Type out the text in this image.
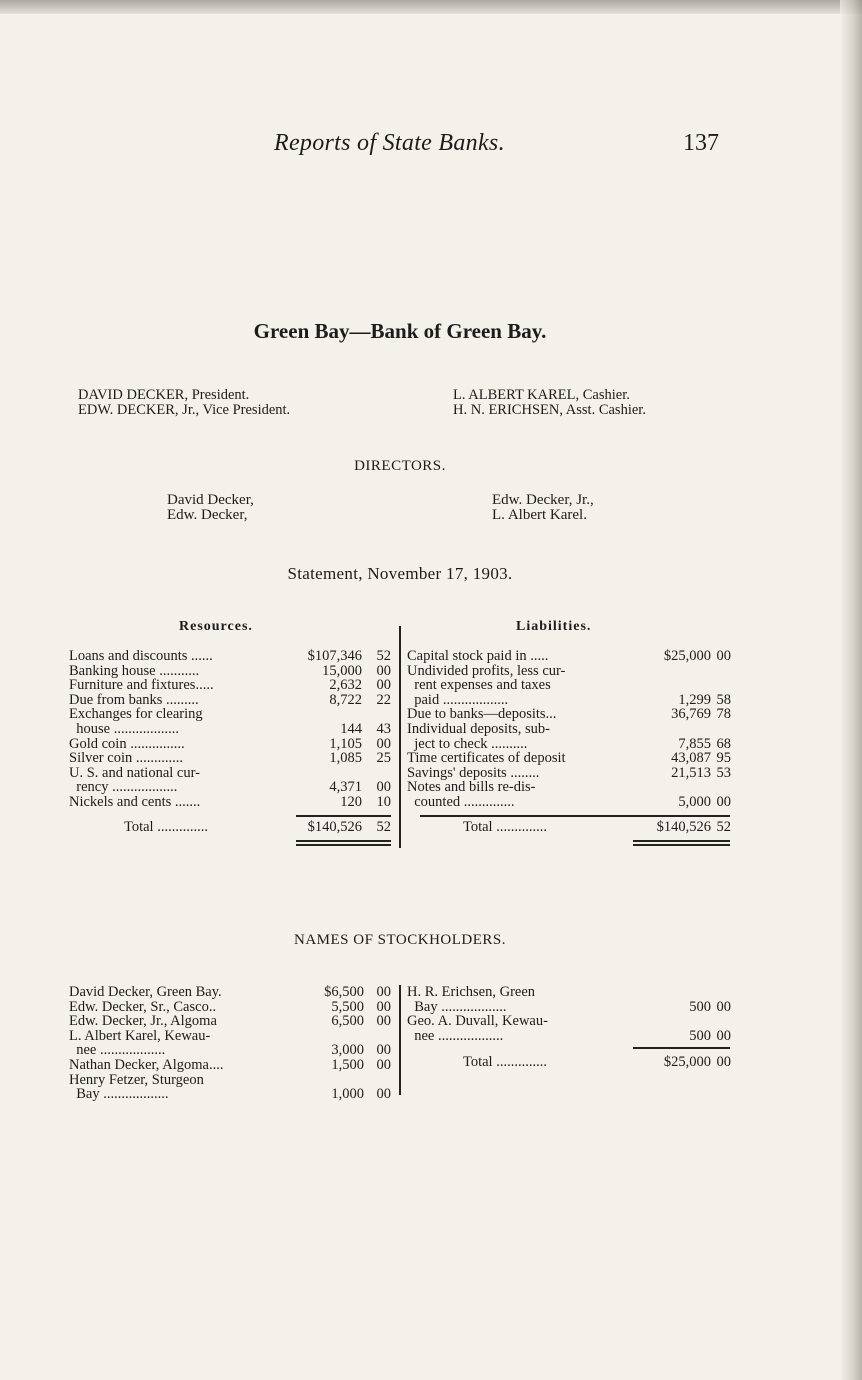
Reports of State Banks.	137
Green Bay—Bank of Green Bay.
DAVID DECKER, President.
EDW. DECKER, Jr., Vice President.
L. ALBERT KAREL, Cashier.
H. N. ERICHSEN, Asst. Cashier.
DIRECTORS.
David Decker,
Edw. Decker,
Edw. Decker, Jr.,
L. Albert Karel.
Statement, November 17, 1903.
Resources.	Liabilities.
Loans and discounts ......	$107,346	52
Banking house ...........	15,000	00
Furniture and fixtures.....	2,632	00
Due from banks .........	8,722	22
Exchanges for clearing
house ..................	144	43
Gold coin ...............	1,105	00
Silver coin .............	1,085	25
U. S. and national cur-
rency ..................	4,371	00
Nickels and cents .......	120	10
Total ..............	$140,526	52
Capital stock paid in .....	$25,000 00
Undivided profits, less cur-
rent expenses and taxes
paid ..................	1,299 58
Due to banks—deposits...	36,769 78
Individual deposits, sub-
ject to check ..........	7,855 68
Time certificates of deposit	43,087 95
Savings' deposits ........	21,513 53
Notes and bills re-dis-
counted ..............	5,000 00
Total ..............	$140,526 52
NAMES OF STOCKHOLDERS.
David Decker, Green Bay.	$6,500 00
Edw. Decker, Sr., Casco..	5,500 00
Edw. Decker, Jr., Algoma	6,500 00
L. Albert Karel, Kewau-
nee ..................	3,000 00
Nathan Decker, Algoma....	1,500 00
Henry Fetzer, Sturgeon
Bay ..................	1,000 00
H. R. Erichsen, Green
Bay ..................	500 00
Geo. A. Duvall, Kewau-
nee ..................	500 00
Total ..............	$25,000 00
